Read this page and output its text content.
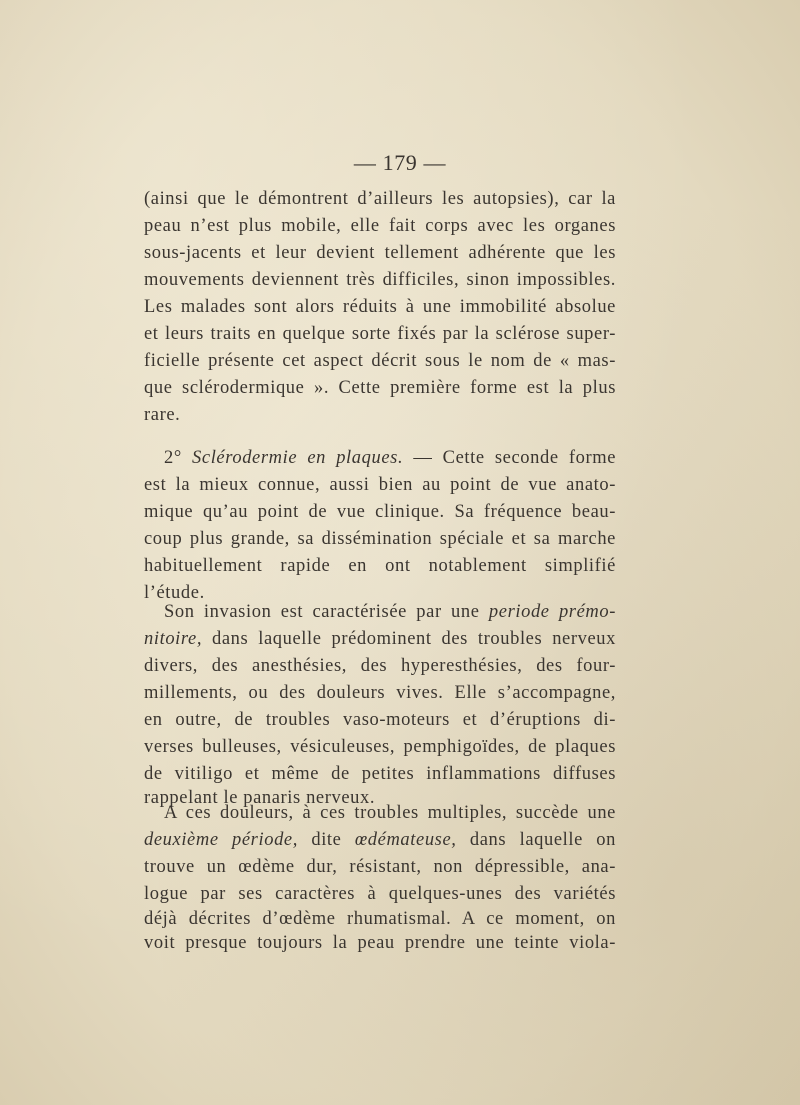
— 179 —
(ainsi que le démontrent d’ailleurs les autopsies), car la
peau n’est plus mobile, elle fait corps avec les organes
sous-jacents et leur devient tellement adhérente que les
mouvements deviennent très difficiles, sinon impossibles.
Les malades sont alors réduits à une immobilité absolue
et leurs traits en quelque sorte fixés par la sclérose super-
ficielle présente cet aspect décrit sous le nom de « mas-
que sclérodermique ». Cette première forme est la plus
rare.
2° Sclérodermie en plaques. — Cette seconde forme
est la mieux connue, aussi bien au point de vue anato-
mique qu’au point de vue clinique. Sa fréquence beau-
coup plus grande, sa dissémination spéciale et sa marche
habituellement rapide en ont notablement simplifié
l’étude.
Son invasion est caractérisée par une periode prémo-
nitoire, dans laquelle prédominent des troubles nerveux
divers, des anesthésies, des hyperesthésies, des four-
millements, ou des douleurs vives. Elle s’accompagne,
en outre, de troubles vaso-moteurs et d’éruptions di-
verses bulleuses, vésiculeuses, pemphigoïdes, de plaques
de vitiligo et même de petites inflammations diffuses
rappelant le panaris nerveux.
A ces douleurs, à ces troubles multiples, succède une
deuxième période, dite œdémateuse, dans laquelle on
trouve un œdème dur, résistant, non dépressible, ana-
logue par ses caractères à quelques-unes des variétés
déjà décrites d’œdème rhumatismal. A ce moment, on
voit presque toujours la peau prendre une teinte viola-
